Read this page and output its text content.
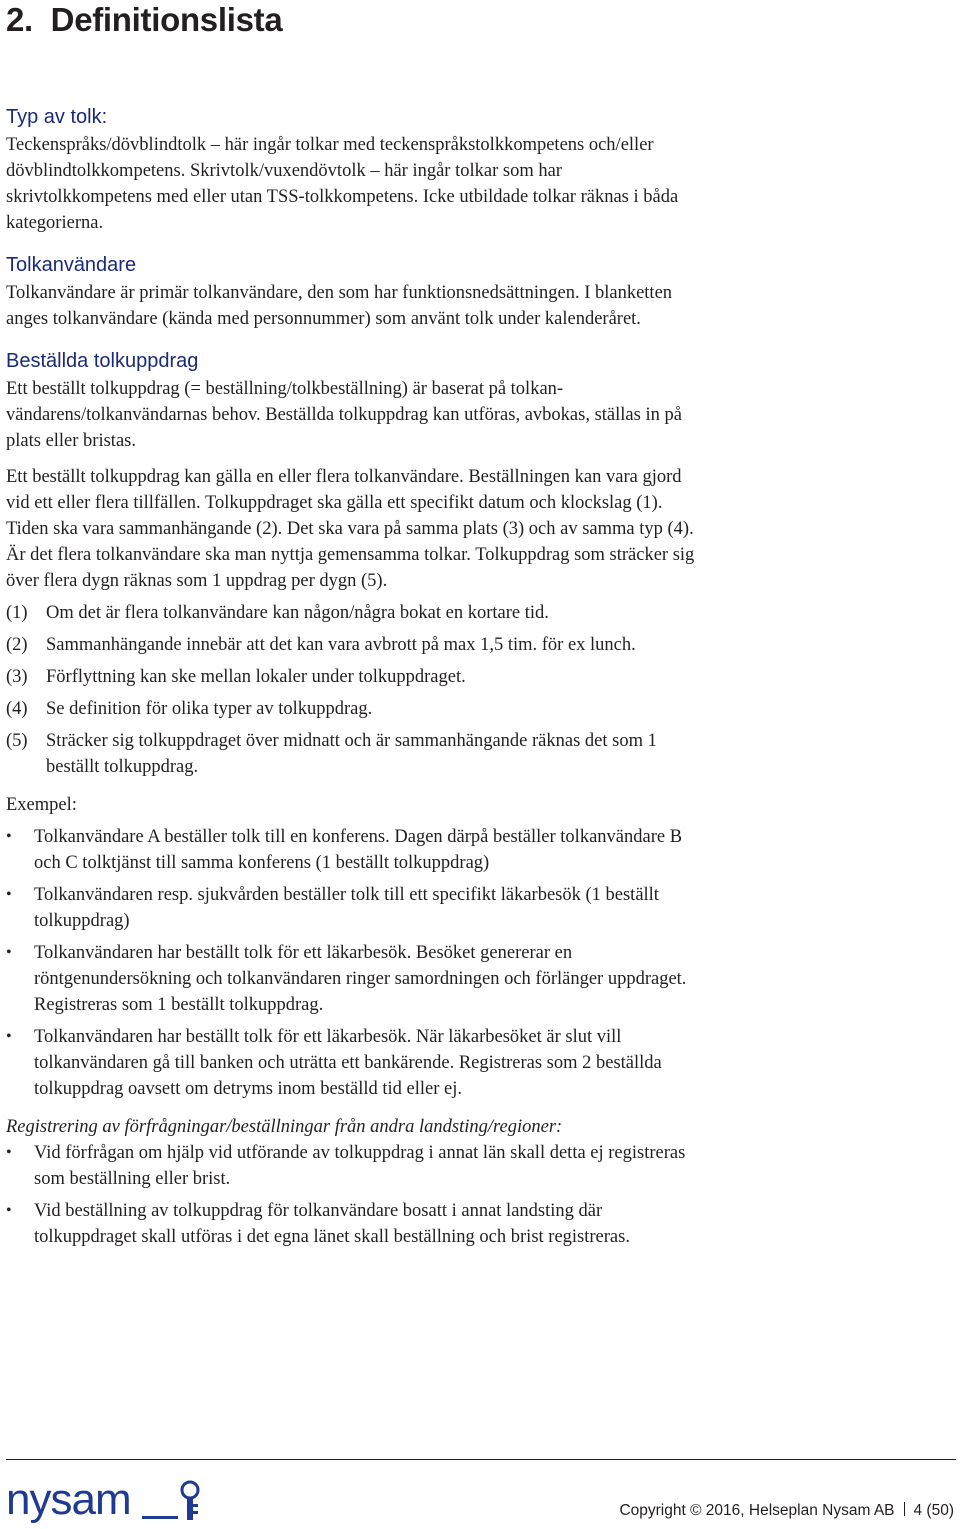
2.  Definitionslista
Typ av tolk:

Teckenspråks/dövblindtolk – här ingår tolkar med teckenspråkstolkkompetens och/eller dövblindtolkkompetens. Skrivtolk/vuxendövtolk – här ingår tolkar som har skrivtolkkompetens med eller utan TSS-tolkkompetens. Icke utbildade tolkar räknas i båda kategorierna.

Tolkanvändare

Tolkanvändare är primär tolkanvändare, den som har funktionsnedsättningen. I blanketten anges tolkanvändare (kända med personnummer) som använt tolk under kalenderåret.

Beställda tolkuppdrag

Ett beställt tolkuppdrag (= beställning/tolkbeställning) är baserat på tolkanvändarens/tolkanvändarnas behov. Beställda tolkuppdrag kan utföras, avbokas, ställas in på plats eller bristas.

Ett beställt tolkuppdrag kan gälla en eller flera tolkanvändare. Beställningen kan vara gjord vid ett eller flera tillfällen. Tolkuppdraget ska gälla ett specifikt datum och klockslag (1). Tiden ska vara sammanhängande (2). Det ska vara på samma plats (3) och av samma typ (4). Är det flera tolkanvändare ska man nyttja gemensamma tolkar. Tolkuppdrag som sträcker sig över flera dygn räknas som 1 uppdrag per dygn (5).

(1) Om det är flera tolkanvändare kan någon/några bokat en kortare tid.
(2) Sammanhängande innebär att det kan vara avbrott på max 1,5 tim. för ex lunch.
(3) Förflyttning kan ske mellan lokaler under tolkuppdraget.
(4) Se definition för olika typer av tolkuppdrag.
(5) Sträcker sig tolkuppdraget över midnatt och är sammanhängande räknas det som 1 beställt tolkuppdrag.

Exempel:

•	Tolkanvändare A beställer tolk till en konferens. Dagen därpå beställer tolkanvändare B och C tolktjänst till samma konferens (1 beställt tolkuppdrag)
•	Tolkanvändaren resp. sjukvården beställer tolk till ett specifikt läkarbesök (1 beställt tolkuppdrag)
•	Tolkanvändaren har beställt tolk för ett läkarbesök. Besöket genererar en röntgenundersökning och tolkanvändaren ringer samordningen och förlänger uppdraget. Registreras som 1 beställt tolkuppdrag.
•	Tolkanvändaren har beställt tolk för ett läkarbesök. När läkarbesöket är slut vill tolkanvändaren gå till banken och uträtta ett bankärende. Registreras som 2 beställda tolkuppdrag oavsett om detryms inom beställd tid eller ej.

Registrering av förfrågningar/beställningar från andra landsting/regioner:

•	Vid förfrågan om hjälp vid utförande av tolkuppdrag i annat län skall detta ej registreras som beställning eller brist.
•	Vid beställning av tolkuppdrag för tolkanvändare bosatt i annat landsting där tolkuppdraget skall utföras i det egna länet skall beställning och brist registreras.
nysam	Copyright © 2016, Helseplan Nysam AB 4 (50)
